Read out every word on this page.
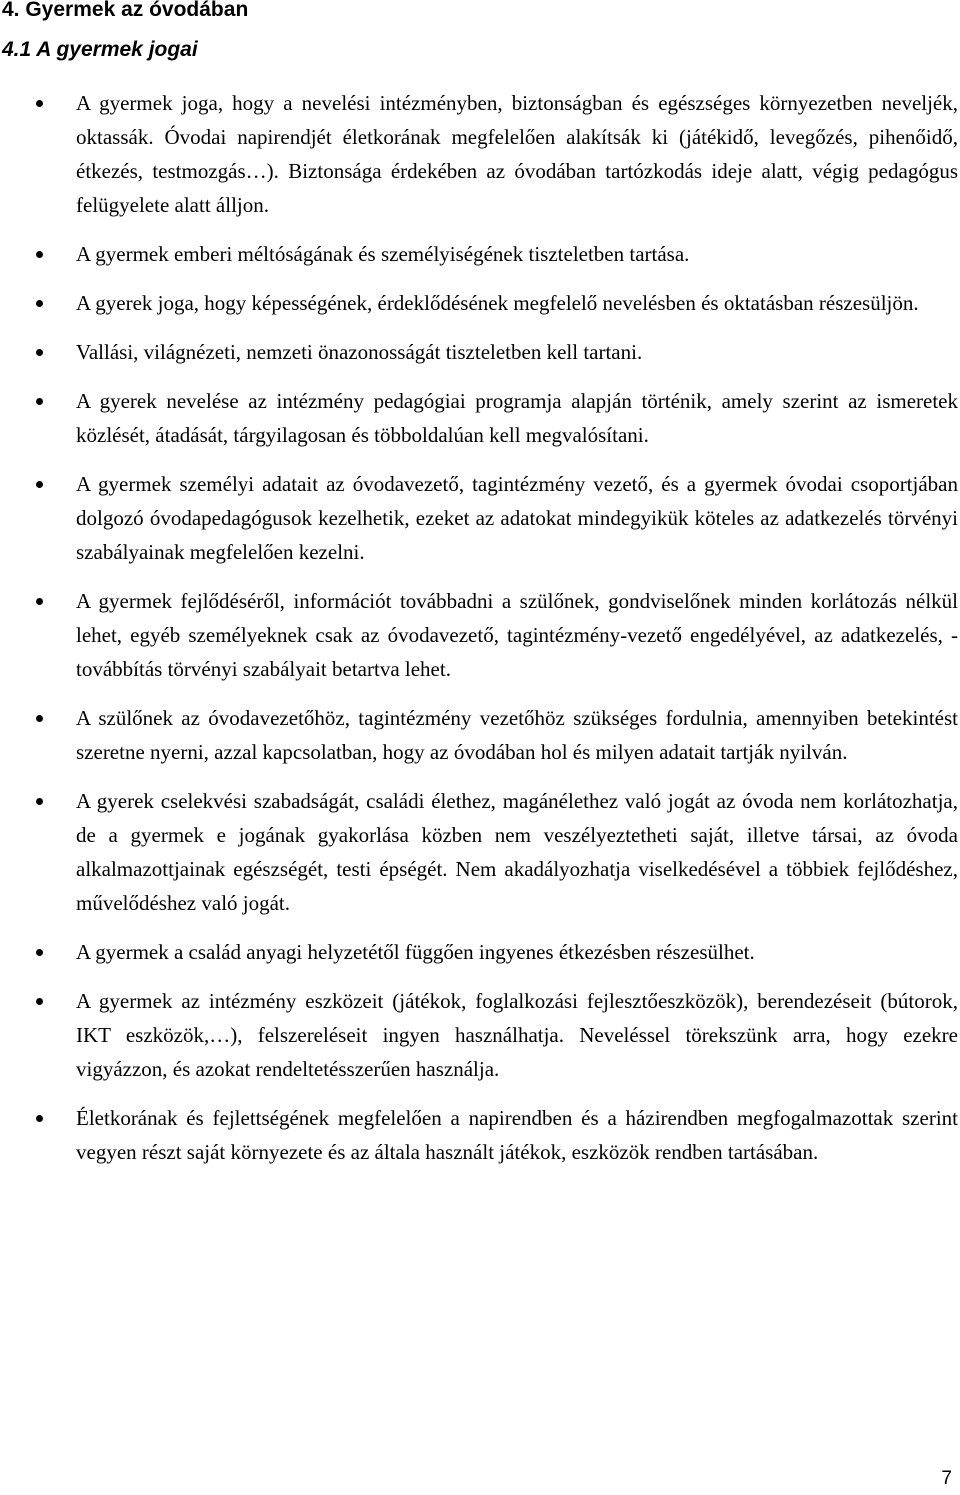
4. Gyermek az óvodában
4.1 A gyermek jogai
A gyermek joga, hogy a nevelési intézményben, biztonságban és egészséges környezetben neveljék, oktassák. Óvodai napirendjét életkorának megfelelően alakítsák ki (játékidő, levegőzés, pihenőidő, étkezés, testmozgás…). Biztonsága érdekében az óvodában tartózkodás ideje alatt, végig pedagógus felügyelete alatt álljon.
A gyermek emberi méltóságának és személyiségének tiszteletben tartása.
A gyerek joga, hogy képességének, érdeklődésének megfelelő nevelésben és oktatásban részesüljön.
Vallási, világnézeti, nemzeti önazonosságát tiszteletben kell tartani.
A gyerek nevelése az intézmény pedagógiai programja alapján történik, amely szerint az ismeretek közlését, átadását, tárgyilagosan és többoldalúan kell megvalósítani.
A gyermek személyi adatait az óvodavezető, tagintézmény vezető, és a gyermek óvodai csoportjában dolgozó óvodapedagógusok kezelhetik, ezeket az adatokat mindegyikük köteles az adatkezelés törvényi szabályainak megfelelően kezelni.
A gyermek fejlődéséről, információt továbbadni a szülőnek, gondviselőnek minden korlátozás nélkül lehet, egyéb személyeknek csak az óvodavezető, tagintézmény-vezető engedélyével, az adatkezelés, -továbbítás törvényi szabályait betartva lehet.
A szülőnek az óvodavezetőhöz, tagintézmény vezetőhöz szükséges fordulnia, amennyiben betekintést szeretne nyerni, azzal kapcsolatban, hogy az óvodában hol és milyen adatait tartják nyilván.
A gyerek cselekvési szabadságát, családi élethez, magánélethez való jogát az óvoda nem korlátozhatja, de a gyermek e jogának gyakorlása közben nem veszélyeztetheti saját, illetve társai, az óvoda alkalmazottjainak egészségét, testi épségét. Nem akadályozhatja viselkedésével a többiek fejlődéshez, művelődéshez való jogát.
A gyermek a család anyagi helyzetétől függően ingyenes étkezésben részesülhet.
A gyermek az intézmény eszközeit (játékok, foglalkozási fejlesztőeszközök), berendezéseit (bútorok, IKT eszközök,…), felszereléseit ingyen használhatja. Neveléssel törekszünk arra, hogy ezekre vigyázzon, és azokat rendeltetésszerűen használja.
Életkorának és fejlettségének megfelelően a napirendben és a házirendben megfogalmazottak szerint vegyen részt saját környezete és az általa használt játékok, eszközök rendben tartásában.
7
